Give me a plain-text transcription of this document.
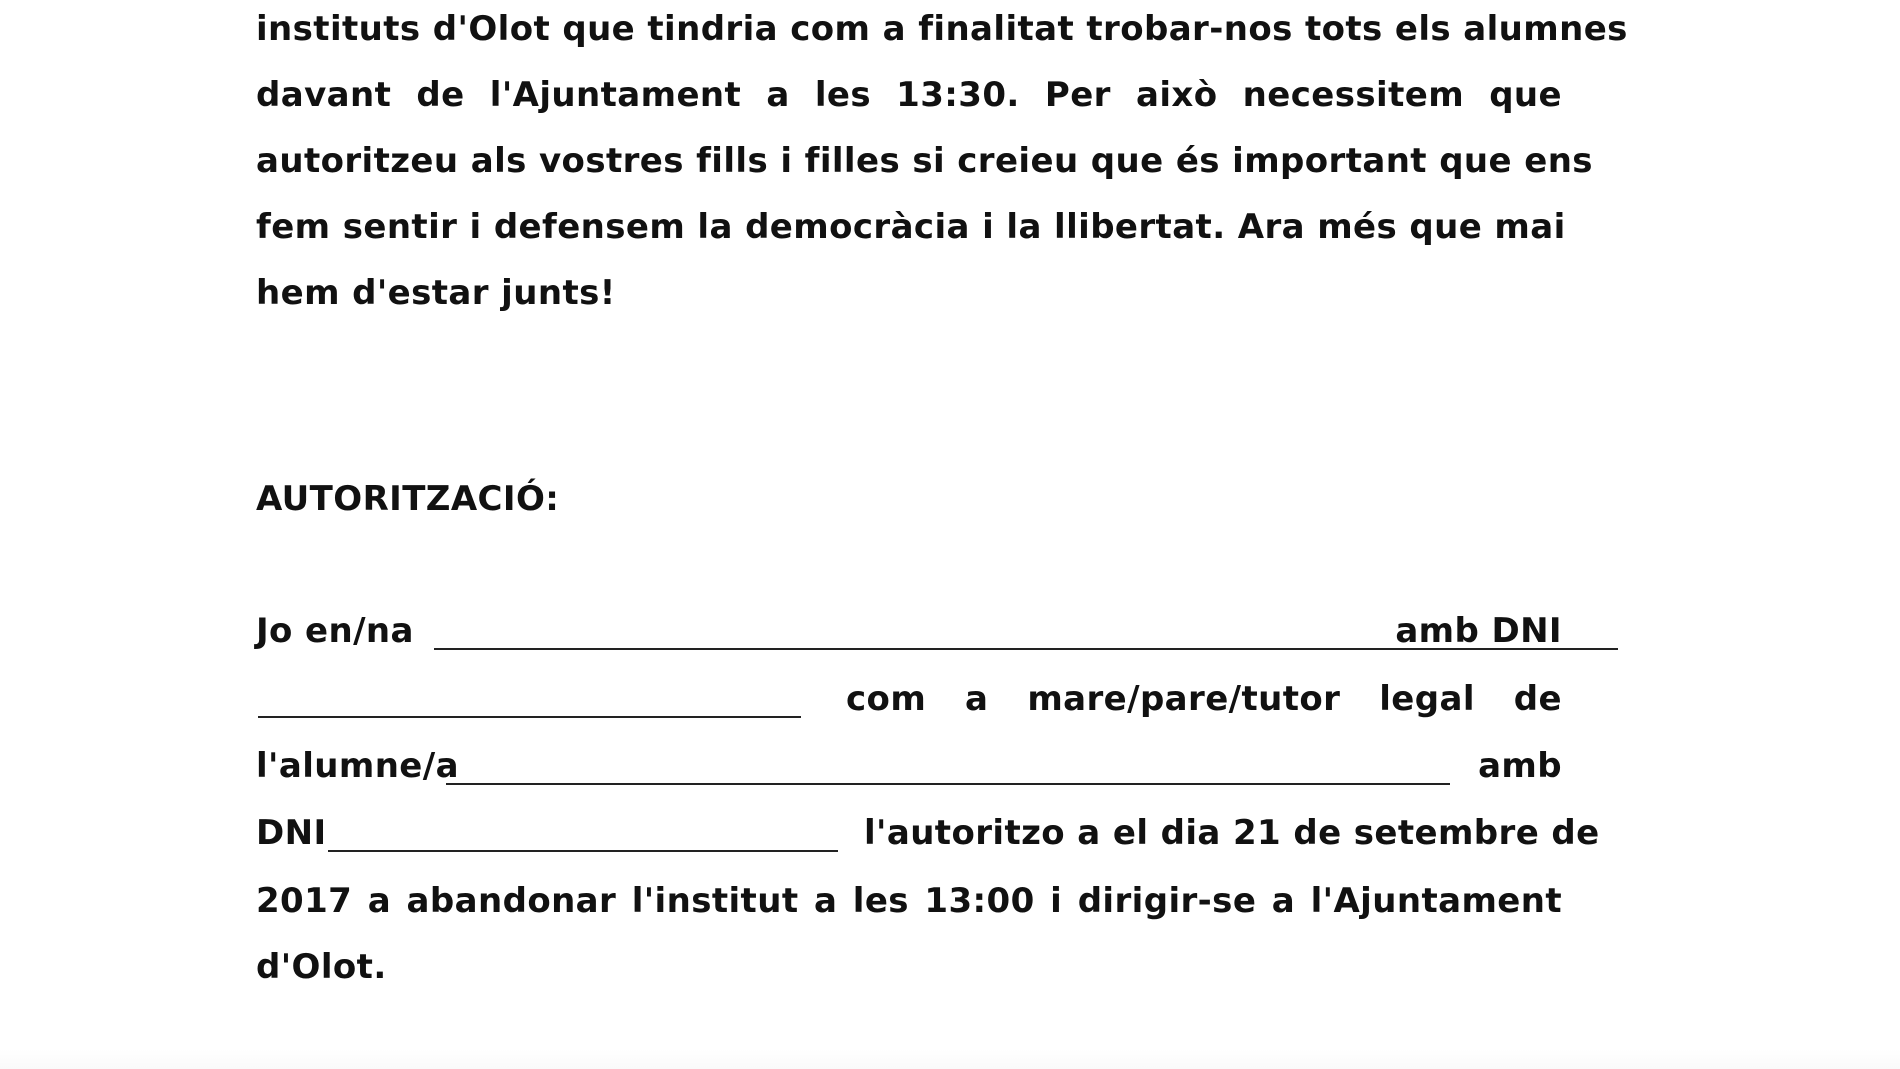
instituts d'Olot que tindria com a finalitat trobar-nos tots els alumnes
davant de l'Ajuntament a les 13:30. Per això necessitem que
autoritzeu als vostres fills i filles si creieu que és important que ens
fem sentir i defensem la democràcia i la llibertat. Ara més que mai
hem d'estar junts!
AUTORITZACIÓ:
Jo en/na	amb DNI
com a mare/pare/tutor legal de
l'alumne/a	amb
DNI	l'autoritzo a el dia 21 de setembre de
2017 a abandonar l'institut a les 13:00 i dirigir-se a l'Ajuntament
d'Olot.
